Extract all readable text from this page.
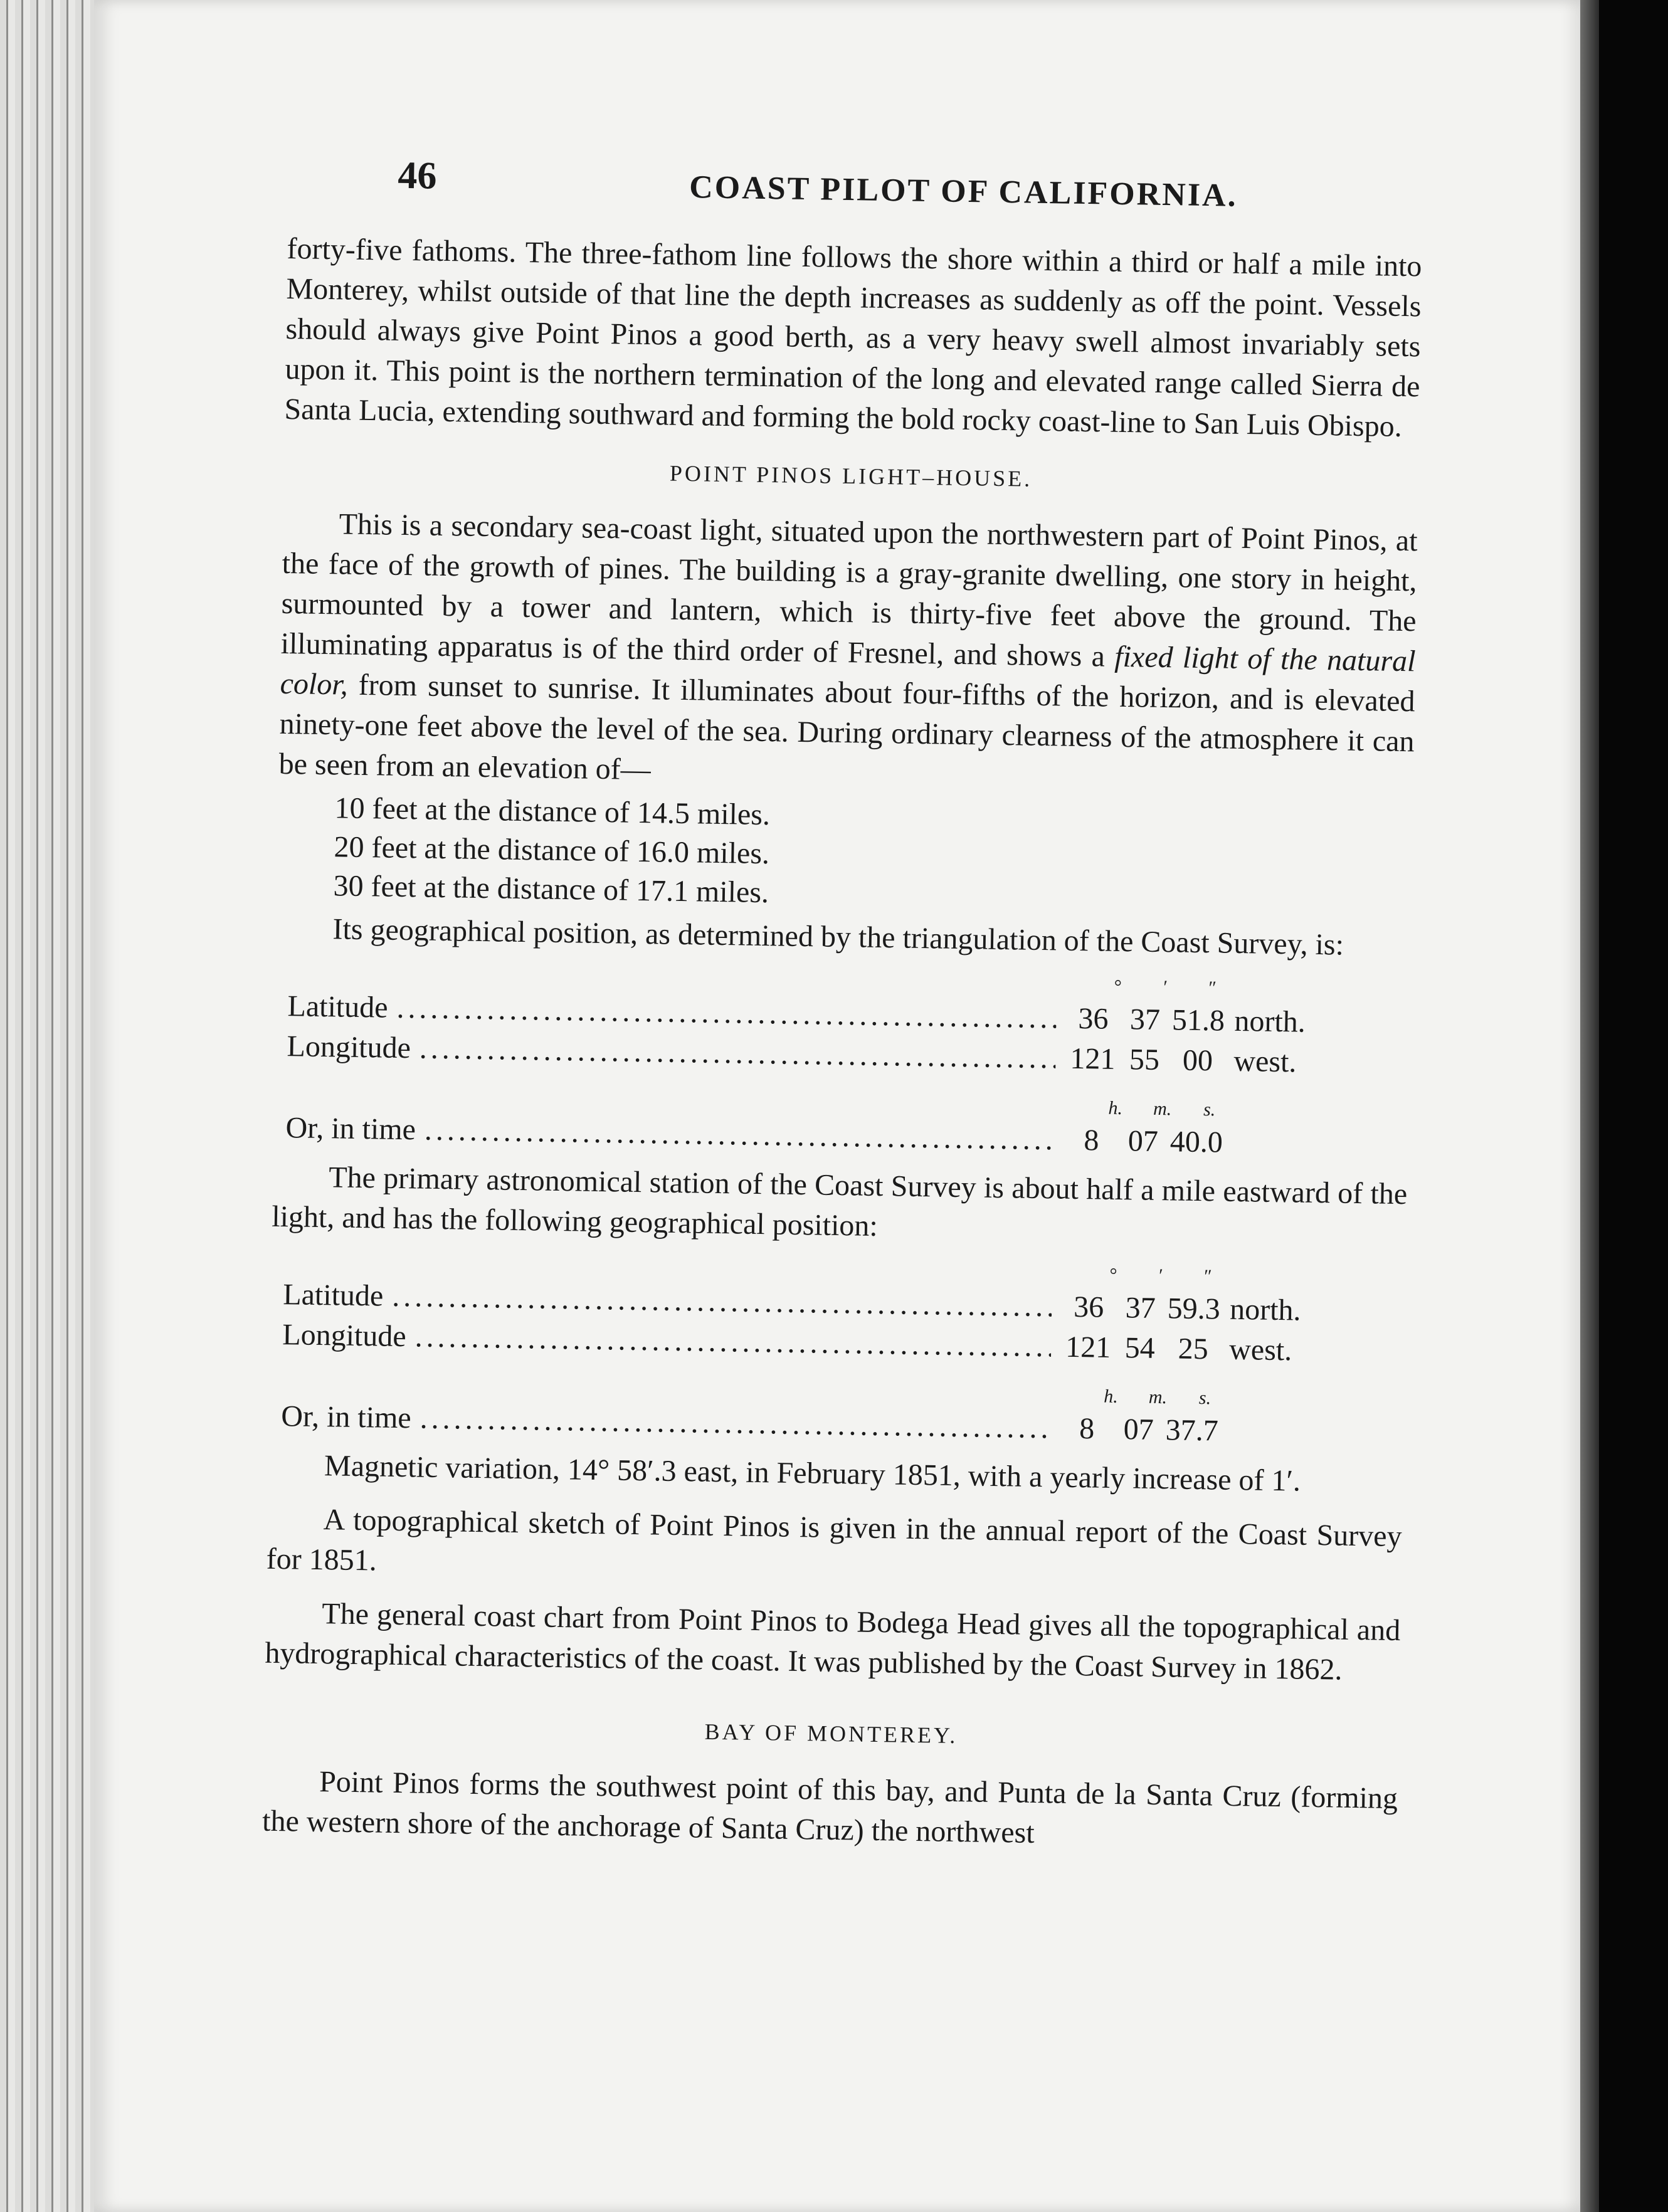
46	COAST PILOT OF CALIFORNIA.

forty-five fathoms. The three-fathom line follows the shore within a third or half a mile into Monterey, whilst outside of that line the depth increases as suddenly as off the point. Vessels should always give Point Pinos a good berth, as a very heavy swell almost invariably sets upon it. This point is the northern termination of the long and elevated range called Sierra de Santa Lucia, extending southward and forming the bold rocky coast-line to San Luis Obispo.

POINT PINOS LIGHT–HOUSE.

This is a secondary sea-coast light, situated upon the northwestern part of Point Pinos, at the face of the growth of pines. The building is a gray-granite dwelling, one story in height, surmounted by a tower and lantern, which is thirty-five feet above the ground. The illuminating apparatus is of the third order of Fresnel, and shows a fixed light of the natural color, from sunset to sunrise. It illuminates about four-fifths of the horizon, and is elevated ninety-one feet above the level of the sea. During ordinary clearness of the atmosphere it can be seen from an elevation of—

10 feet at the distance of 14.5 miles.
20 feet at the distance of 16.0 miles.
30 feet at the distance of 17.1 miles.

Its geographical position, as determined by the triangulation of the Coast Survey, is:

°	′	″
Latitude .....	36 37 51.8 north.
Longitude .....	121 55 00 west.
h.	m.	s.
Or, in time .....	8 07 40.0

The primary astronomical station of the Coast Survey is about half a mile eastward of the light, and has the following geographical position:

°	′	″
Latitude .....	36 37 59.3 north.
Longitude .....	121 54 25 west.
h.	m.	s.
Or, in time .....	8 07 37.7

Magnetic variation, 14° 58′.3 east, in February 1851, with a yearly increase of 1′.

A topographical sketch of Point Pinos is given in the annual report of the Coast Survey for 1851.

The general coast chart from Point Pinos to Bodega Head gives all the topographical and hydrographical characteristics of the coast. It was published by the Coast Survey in 1862.

BAY OF MONTEREY.

Point Pinos forms the southwest point of this bay, and Punta de la Santa Cruz (forming the western shore of the anchorage of Santa Cruz) the northwest
